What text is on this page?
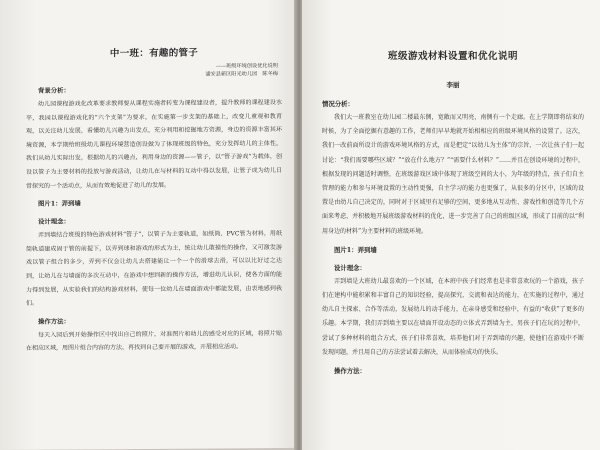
中一班：有趣的管子
——班级环境创设优化说明
潘安县新区阳光幼儿园　陈冬梅
背景分析：

幼儿园课程游戏化改革要求教师要从课程实施者转变为课程建设者，提升教师的课程建设水平，我园以课程游戏化的“六个支架”为要求，在实施第一步支架的基础上，改变几童观和教育观，以关注幼儿发展，看懂幼儿兴趣为出发点，充分利用和挖掘地方资源，身边的资源丰富其环境资源，本学期给班级幼儿课程环境营造创设做为了体现班级的特色，充分发挥幼儿的主体性，我们从幼儿实际出发，根据幼儿的兴趣点，利用身边的资源——管子，以“管子游戏”为载体，创设以管子为主要材料的投放与游戏活动，让幼儿在与材料的互动中得以发展，让管子成为幼儿日常探究的一个活动点，从而有效地促进了幼儿的发展。

图片1：弄到墙
设计理念：

弄到墙结合班级的特色游戏材料“管子”，以管子为主要轨道，如纸筒、PVC管为材料，用纸筒轨道建成固于管的前提下，以弄到球和游戏的形式为主，统让幼儿敢摸性的操作，又可激发游戏以管子组合的多少，弄到不仅会让幼儿去搭建能让一个一个的滑球去滑，可以以比好过之达到，让幼儿在与墙面的多次互动中，在游戏中想到新的操作方法，增进幼儿认识，使各方面的能力得到发展，从实验我们的结构游戏材料，使每一位幼儿在墙面游戏中都能发展，由衷地感到我们。

操作方法：

每天入园后到开始操作区中找出自己的照片，对准图片和幼儿的感受对应的区域，将照片贴在相应区域，用图片组合内容的方法，再找到自己要开展的游戏，开展相应活动。

班级游戏材料设置和优化说明
李丽
情况分析：

我们大一班教室在幼儿园二楼最东侧，宽敞而又明亮，南侧有一个走廊。在上学期即将结束的时候，为了全面挖掘有意趣的工作，老师们早早地就开始相相应的班级环境风格的设置了。这次，我们一改前面所设计的游戏环境风格的方式，而是把定“以幼儿为主体”的宗旨，一次让孩子们一起讨论：“我们需要哪些区域？”“放在什么地方？”“需要什么材料？”……并且在创设环境的过程中，根据发现的问题适时调整，在班级游戏区域中体现了班级空间的大小，为年级的特点，孩子们自主管理的能力和参与环境设置的主动性更强，自主学习的能力也更强了，从很多的分区中，区域的设置是由幼儿自己决定的，同时对于区域里有足够的空间，更多地从互动性、游戏性和创造等几个方面来考虑，并积极地开展班级游戏材料的优化，进一步完善了自己的班级区域，形成了目前的以“利用身边的材料”为主要材料的班级环境。

图片1：弄到墙
设计理念：

弄到墙是大班幼儿最喜欢的一个区域，在本班中孩子们经常也是非常喜欢玩的一个游戏，孩子们在建构中能积累和丰富自己的知识经验，提高探究、交流和表达的能力，在实施的过程中，通过幼儿自主探索、合作等活动，发展幼儿的动手能力，在亲身感受和经验中，有益的“收获”了更多的乐趣。本学期，我们弄到墙主要以在墙面开设动态的立体式弄到墙为主，男孩子们在玩的过程中，尝试了多种材料的组合方式，孩子们非常喜欢，培养他们对于弄到墙的兴趣，使他们在游戏中不断发现问题，并且用自己的方法尝试着去解决，从而体验成功的快乐。

操作方法：
